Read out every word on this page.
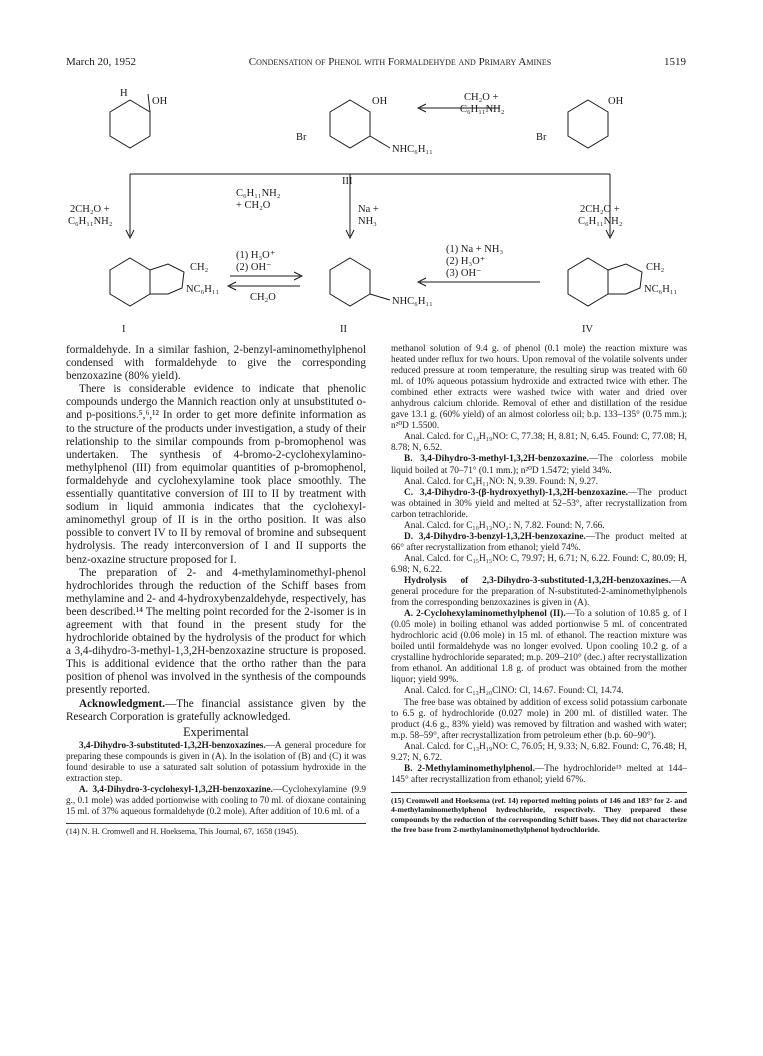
March 20, 1952	Condensation of Phenol with Formaldehyde and Primary Amines	1519
H
OH	OH	OH
Br	Br
NHC₆H₁₁
CH₂O +
C₆H₁₁NH₂
III
2CH₂O +
C₆H₁₁NH₂
C₆H₁₁NH₂
+ CH₂O	Na +
NH₃
2CH₂O +
C₆H₁₁NH₂
(1) H₃O⁺
(2) OH⁻
CH₂O
(1) Na + NH₃
(2) H₃O⁺
(3) OH⁻
NC₆H₁₁
NHC₆H₁₁
NC₆H₁₁
CH₂	CH₂
I	II	IV

formaldehyde. In a similar fashion, 2-benzyl-aminomethylphenol condensed with formaldehyde to give the corresponding benzoxazine (80% yield).

There is considerable evidence to indicate that phenolic compounds undergo the Mannich reaction only at unsubstituted o- and p-positions.⁵,⁶,¹² In order to get more definite information as to the structure of the products under investigation, a study of their relationship to the similar compounds from p-bromophenol was undertaken. The synthesis of 4-bromo-2-cyclohexylamino-methylphenol (III) from equimolar quantities of p-bromophenol, formaldehyde and cyclohexylamine took place smoothly. The essentially quantitative conversion of III to II by treatment with sodium in liquid ammonia indicates that the cyclohexyl-aminomethyl group of II is in the ortho position. It was also possible to convert IV to II by removal of bromine and subsequent hydrolysis. The ready interconversion of I and II supports the benz-oxazine structure proposed for I.

The preparation of 2- and 4-methylaminomethyl-phenol hydrochlorides through the reduction of the Schiff bases from methylamine and 2- and 4-hydroxybenzaldehyde, respectively, has been described.¹⁴ The melting point recorded for the 2-isomer is in agreement with that found in the present study for the hydrochloride obtained by the hydrolysis of the product for which a 3,4-dihydro-3-methyl-1,3,2H-benzoxazine structure is proposed. This is additional evidence that the ortho rather than the para position of phenol was involved in the synthesis of the compounds presently reported.

Acknowledgment.—The financial assistance given by the Research Corporation is gratefully acknowledged.

Experimental

3,4-Dihydro-3-substituted-1,3,2H-benzoxazines.—A general procedure for preparing these compounds is given in (A). In the isolation of (B) and (C) it was found desirable to use a saturated salt solution of potassium hydroxide in the extraction step.

A. 3,4-Dihydro-3-cyclohexyl-1,3,2H-benzoxazine.—Cyclohexylamine (9.9 g., 0.1 mole) was added portionwise with cooling to 70 ml. of dioxane containing 15 ml. of 37% aqueous formaldehyde (0.2 mole). After addition of 10.6 ml. of a

(14) N. H. Cromwell and H. Hoeksema, This Journal, 67, 1658 (1945).

methanol solution of 9.4 g. of phenol (0.1 mole) the reaction mixture was heated under reflux for two hours. Upon removal of the volatile solvents under reduced pressure at room temperature, the resulting sirup was treated with 60 ml. of 10% aqueous potassium hydroxide and extracted twice with ether. The combined ether extracts were washed twice with water and dried over anhydrous calcium chloride. Removal of ether and distillation of the residue gave 13.1 g. (60% yield) of an almost colorless oil; b.p. 133–135° (0.75 mm.); n²⁰D 1.5500.

Anal. Calcd. for C₁₄H₁₉NO: C, 77.38; H, 8.81; N, 6.45. Found: C, 77.08; H, 8.78; N, 6.52.

B. 3,4-Dihydro-3-methyl-1,3,2H-benzoxazine.—The colorless mobile liquid boiled at 70–71° (0.1 mm.); n²⁰D 1.5472; yield 34%.

Anal. Calcd. for C₉H₁₁NO: N, 9.39. Found: N, 9.27.

C. 3,4-Dihydro-3-(β-hydroxyethyl)-1,3,2H-benzoxazine.—The product was obtained in 30% yield and melted at 52–53°, after recrystallization from carbon tetrachloride.

Anal. Calcd. for C₁₀H₁₃NO₂: N, 7.82. Found: N, 7.66.

D. 3,4-Dihydro-3-benzyl-1,3,2H-benzoxazine.—The product melted at 66° after recrystallization from ethanol; yield 74%.

Anal. Calcd. for C₁₅H₁₅NO: C, 79.97; H, 6.71; N, 6.22. Found: C, 80.09; H, 6.98; N, 6.22.

Hydrolysis of 2,3-Dihydro-3-substituted-1,3,2H-benzoxazines.—A general procedure for the preparation of N-substituted-2-aminomethylphenols from the corresponding benzoxazines is given in (A).

A. 2-Cyclohexylaminomethylphenol (II).—To a solution of 10.85 g. of I (0.05 mole) in boiling ethanol was added portionwise 5 ml. of concentrated hydrochloric acid (0.06 mole) in 15 ml. of ethanol. The reaction mixture was boiled until formaldehyde was no longer evolved. Upon cooling 10.2 g. of a crystalline hydrochloride separated; m.p. 209–210° (dec.) after recrystallization from ethanol. An additional 1.8 g. of product was obtained from the mother liquor; yield 99%.

Anal. Calcd. for C₁₃H₂₀ClNO: Cl, 14.67. Found: Cl, 14.74.

The free base was obtained by addition of excess solid potassium carbonate to 6.5 g. of hydrochloride (0.027 mole) in 200 ml. of distilled water. The product (4.6 g., 83% yield) was removed by filtration and washed with water; m.p. 58–59°, after recrystallization from petroleum ether (b.p. 60–90°).

Anal. Calcd. for C₁₃H₁₉NO: C, 76.05; H, 9.33; N, 6.82. Found: C, 76.48; H, 9.27; N, 6.72.

B. 2-Methylaminomethylphenol.—The hydrochloride¹⁵ melted at 144–145° after recrystallization from ethanol; yield 67%.

(15) Cromwell and Hoeksema (ref. 14) reported melting points of 146 and 183° for 2- and 4-methylaminomethylphenol hydrochloride, respectively. They prepared these compounds by the reduction of the corresponding Schiff bases. They did not characterize the free base from 2-methylaminomethylphenol hydrochloride.
